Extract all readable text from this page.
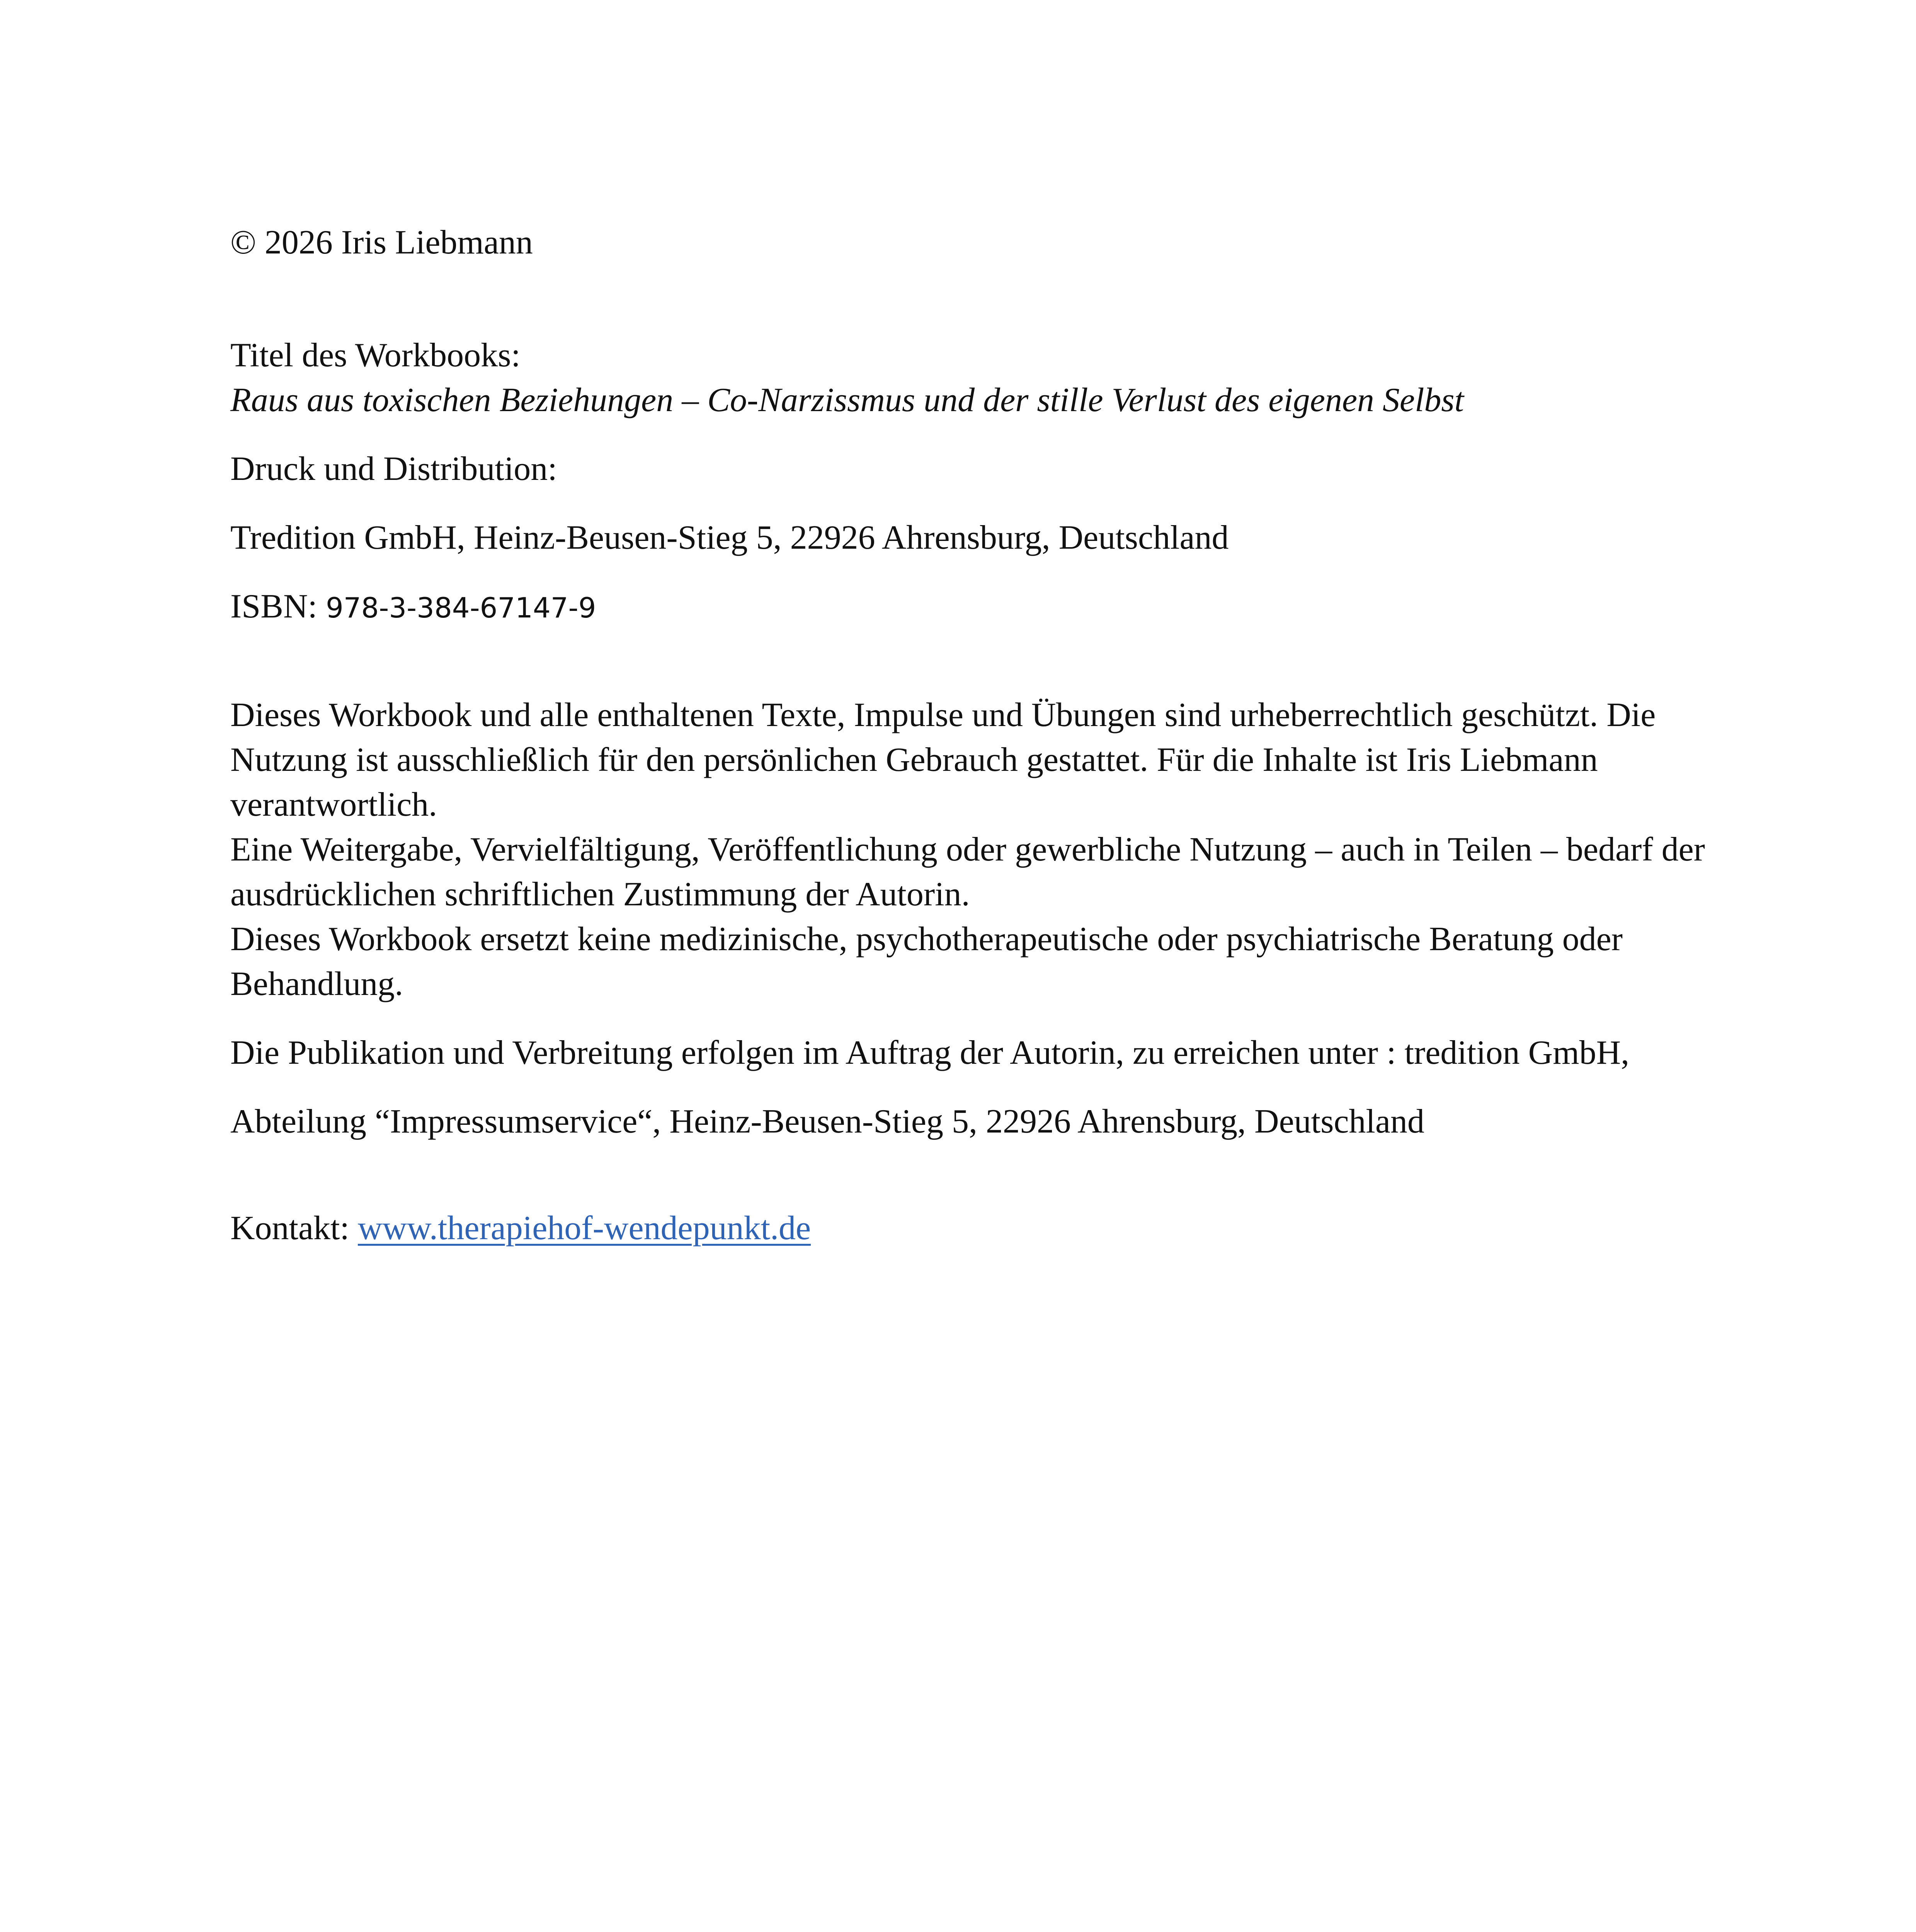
© 2026 Iris Liebmann

Titel des Workbooks:

Raus aus toxischen Beziehungen – Co-Narzissmus und der stille Verlust des eigenen Selbst

Druck und Distribution:

Tredition GmbH, Heinz-Beusen-Stieg 5, 22926 Ahrensburg, Deutschland

ISBN: 978-3-384-67147-9

Dieses Workbook und alle enthaltenen Texte, Impulse und Übungen sind urheberrechtlich geschützt. Die Nutzung ist ausschließlich für den persönlichen Gebrauch gestattet. Für die Inhalte ist Iris Liebmann verantwortlich.

Eine Weitergabe, Vervielfältigung, Veröffentlichung oder gewerbliche Nutzung – auch in Teilen – bedarf der ausdrücklichen schriftlichen Zustimmung der Autorin.

Dieses Workbook ersetzt keine medizinische, psychotherapeutische oder psychiatrische Beratung oder Behandlung.

Die Publikation und Verbreitung erfolgen im Auftrag der Autorin, zu erreichen unter : tredition GmbH,

Abteilung “Impressumservice“, Heinz-Beusen-Stieg 5, 22926 Ahrensburg, Deutschland

Kontakt: www.therapiehof-wendepunkt.de
